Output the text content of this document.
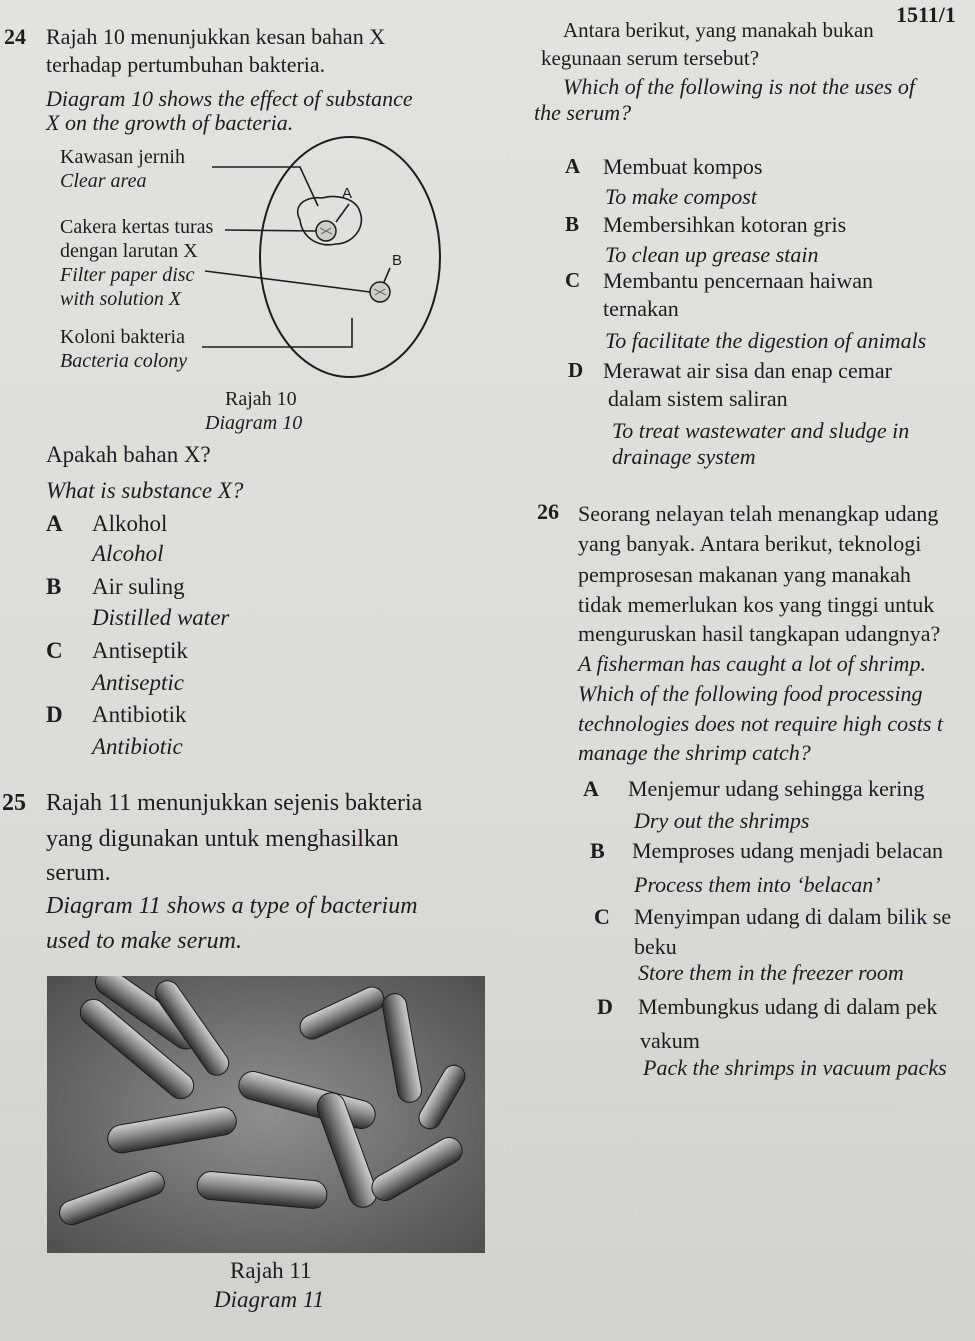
1511/1
24 Rajah 10 menunjukkan kesan bahan X
terhadap pertumbuhan bakteria.
Diagram 10 shows the effect of substance
X on the growth of bacteria.
Kawasan jernih
Clear area
Cakera kertas turas
dengan larutan X
Filter paper disc
with solution X
Koloni bakteria
Bacteria colony
A
B
Rajah 10
Diagram 10
Apakah bahan X?
What is substance X?
A Alkohol
Alcohol
B Air suling
Distilled water
C Antiseptik
Antiseptic
D Antibiotik
Antibiotic
25 Rajah 11 menunjukkan sejenis bakteria
yang digunakan untuk menghasilkan
serum.
Diagram 11 shows a type of bacterium
used to make serum.
Rajah 11
Diagram 11
Antara berikut, yang manakah bukan
kegunaan serum tersebut?
Which of the following is not the uses of
the serum?
A Membuat kompos
To make compost
B Membersihkan kotoran gris
To clean up grease stain
C Membantu pencernaan haiwan
ternakan
To facilitate the digestion of animals
D Merawat air sisa dan enap cemar
dalam sistem saliran
To treat wastewater and sludge in
drainage system
26 Seorang nelayan telah menangkap udang
yang banyak. Antara berikut, teknologi
pemprosesan makanan yang manakah
tidak memerlukan kos yang tinggi untuk
menguruskan hasil tangkapan udangnya?
A fisherman has caught a lot of shrimp.
Which of the following food processing
technologies does not require high costs t
manage the shrimp catch?
A Menjemur udang sehingga kering
Dry out the shrimps
B Memproses udang menjadi belacan
Process them into ‘belacan’
C Menyimpan udang di dalam bilik se
beku
Store them in the freezer room
D Membungkus udang di dalam pek
vakum
Pack the shrimps in vacuum packs
